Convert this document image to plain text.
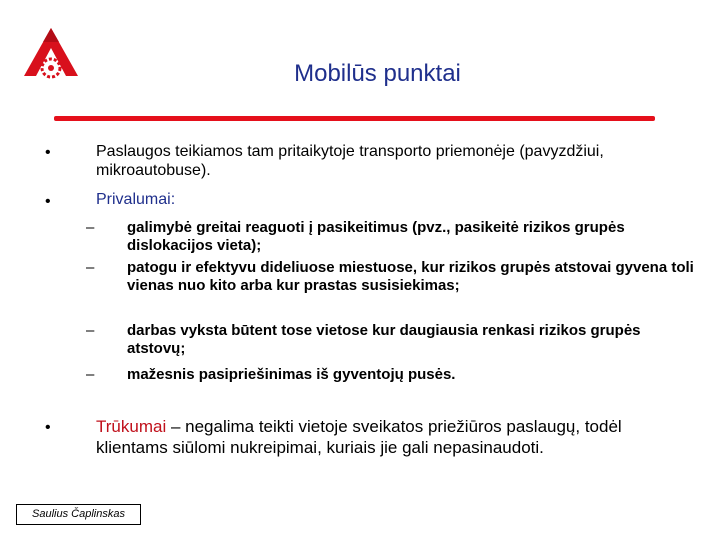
Mobilūs punktai
•	Paslaugos teikiamos tam pritaikytoje transporto priemonėje (pavyzdžiui, mikroautobuse).
•	Privalumai:
– galimybė greitai reaguoti į pasikeitimus (pvz., pasikeitė rizikos grupės dislokacijos vieta);
– patogu ir efektyvu dideliuose miestuose, kur rizikos grupės atstovai gyvena toli vienas nuo kito arba kur prastas susisiekimas;
– darbas vyksta būtent tose vietose kur daugiausia renkasi rizikos grupės atstovų;
– mažesnis pasipriešinimas iš gyventojų pusės.
•	Trūkumai – negalima teikti vietoje sveikatos priežiūros paslaugų, todėl klientams siūlomi nukreipimai, kuriais jie gali nepasinaudoti.
Saulius Čaplinskas
